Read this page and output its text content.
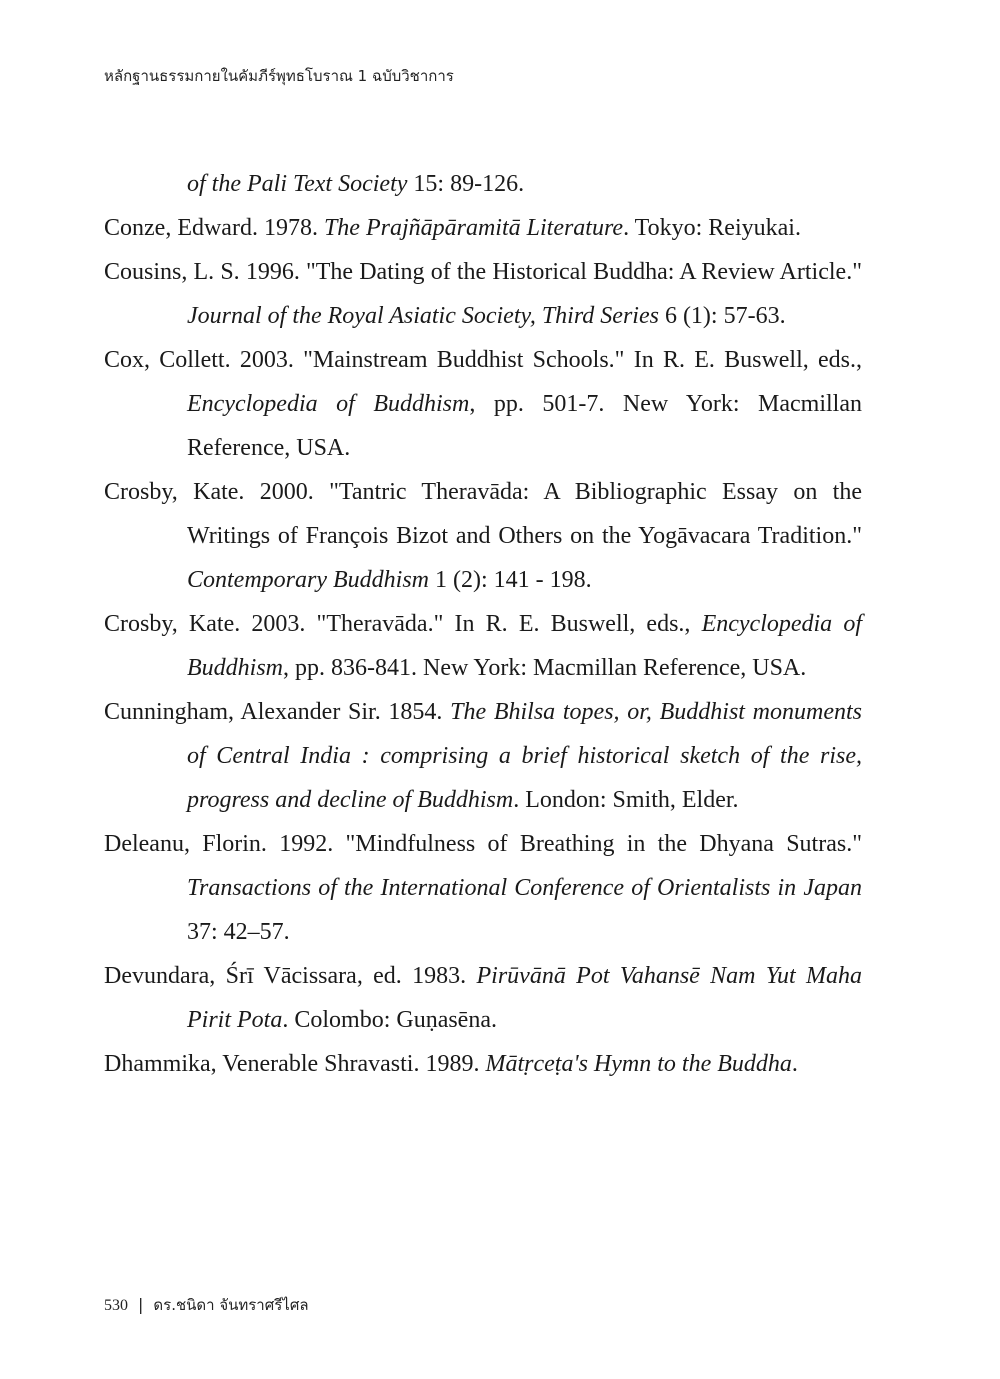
หลักฐานธรรมกายในคัมภีร์พุทธโบราณ 1 ฉบับวิชาการ

of the Pali Text Society 15: 89-126.

Conze, Edward. 1978. The Prajñāpāramitā Literature. Tokyo: Reiyukai.

Cousins, L. S. 1996. "The Dating of the Historical Buddha: A Review Article." Journal of the Royal Asiatic Society, Third Series 6 (1): 57-63.

Cox, Collett. 2003. "Mainstream Buddhist Schools." In R. E. Buswell, eds., Encyclopedia of Buddhism, pp. 501-7. New York: Macmillan Reference, USA.

Crosby, Kate. 2000. "Tantric Theravāda: A Bibliographic Essay on the Writings of François Bizot and Others on the Yogāvacara Tradition." Contemporary Buddhism 1 (2): 141 - 198.

Crosby, Kate. 2003. "Theravāda." In R. E. Buswell, eds., Encyclopedia of Buddhism, pp. 836-841. New York: Macmillan Reference, USA.

Cunningham, Alexander Sir. 1854. The Bhilsa topes, or, Buddhist monuments of Central India : comprising a brief historical sketch of the rise, progress and decline of Buddhism. London: Smith, Elder.

Deleanu, Florin. 1992. "Mindfulness of Breathing in the Dhyana Sutras." Transactions of the International Conference of Orientalists in Japan 37: 42–57.

Devundara, Śrī Vācissara, ed. 1983. Pirūvānā Pot Vahansē Nam Yut Maha Pirit Pota. Colombo: Guṇasēna.

Dhammika, Venerable Shravasti. 1989. Mātṛceṭa's Hymn to the Buddha.

530 | ดร.ชนิดา จันทราศรีไศล
